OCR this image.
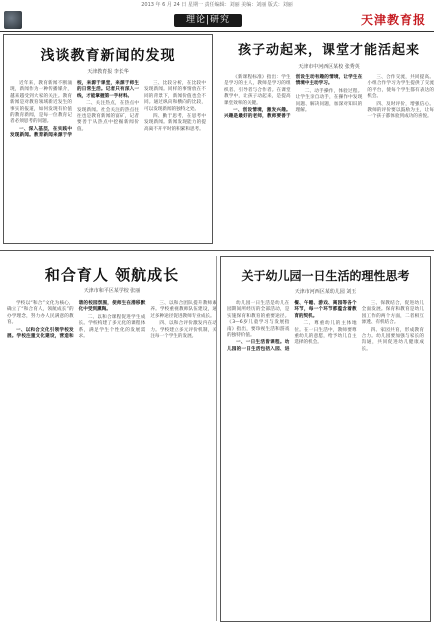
2013 年 6 月 24 日 星期一 责任编辑：刘丽 美编：刘丽 版式：刘丽
理论|研究	天津教育报
浅谈教育新闻的发现
天津教育报 李长华

近年来，教育新闻不断涌现，新闻作为一种传播媒介，越来越受到大家的关注。教育新闻是对教育领域新近发生的事实的报道，如何发现有价值的教育新闻，是每一位教育记者必须思考的问题。

一、深入基层，在实践中发现新闻。教育新闻来源于学校，来源于课堂，来源于师生的日常生活。记者只有深入一线，才能掌握第一手材料。

二、关注热点，在热点中发现新闻。社会关注的热点往往也是教育新闻的富矿，记者要善于从热点中挖掘新闻价值。

三、比较分析，在比较中发现新闻。同样的事情放在不同的背景下，新闻价值也会不同。通过纵向和横向的比较，可以发现新闻的独特之处。

四、勤于思考，在思考中发现新闻。新闻发现能力的提高离不开平时的积累和思考。

孩子动起来，课堂才能活起来
天津市中河西区某校 张秀英

《新课程标准》指出：学生是学习的主人，教师是学习的组织者、引导者与合作者。在课堂教学中，让孩子动起来，是提高课堂效率的关键。

一、创设情境，激发兴趣。兴趣是最好的老师，教师要善于创设生动有趣的情境，让学生在情境中主动学习。

二、动手操作，体验过程。让学生亲自动手，在操作中发现问题、解决问题，加深对知识的理解。

三、合作交流，共同提高。小组合作学习为学生提供了交流的平台，使每个学生都有表达的机会。

四、及时评价，增强信心。教师的评价要以鼓励为主，让每一个孩子都体验到成功的喜悦。

和合育人 领航成长
天津市和平区某学校 张丽

学校以“和合”文化为核心，确立了“和合育人，领航成长”的办学理念，努力办人民满意的教育。

一、以和合文化引领学校发展。学校注重文化建设，营造和谐的校园氛围，使师生在潜移默化中受到熏陶。

二、以和合课程促进学生成长。学校构建了多元化的课程体系，满足学生个性化的发展需求。

三、以和合团队提升教师素养。学校重视教师队伍建设，通过多种途径促进教师专业成长。

四、以和合评价激发内在动力。学校建立多元评价机制，关注每一个学生的发展。

关于幼儿园一日生活的理性思考
天津市河西区某幼儿园 刘玉

幼儿园一日生活是幼儿在园期间所经历的全部活动，是实施保育和教育的重要途径。《3—6岁儿童学习与发展指南》指出，要珍视生活和游戏的独特价值。

一、一日生活皆课程。幼儿园的一日生活包括入园、进餐、午睡、游戏、离园等各个环节，每一个环节都蕴含着教育的契机。

二、尊重幼儿的主体地位。在一日生活中，教师要尊重幼儿的意愿，给予幼儿自主选择的机会。

三、保教结合，促进幼儿全面发展。保育和教育是幼儿园工作的两个方面，二者相互渗透、有机结合。

四、家园共育，形成教育合力。幼儿园要加强与家长的沟通，共同促进幼儿健康成长。
